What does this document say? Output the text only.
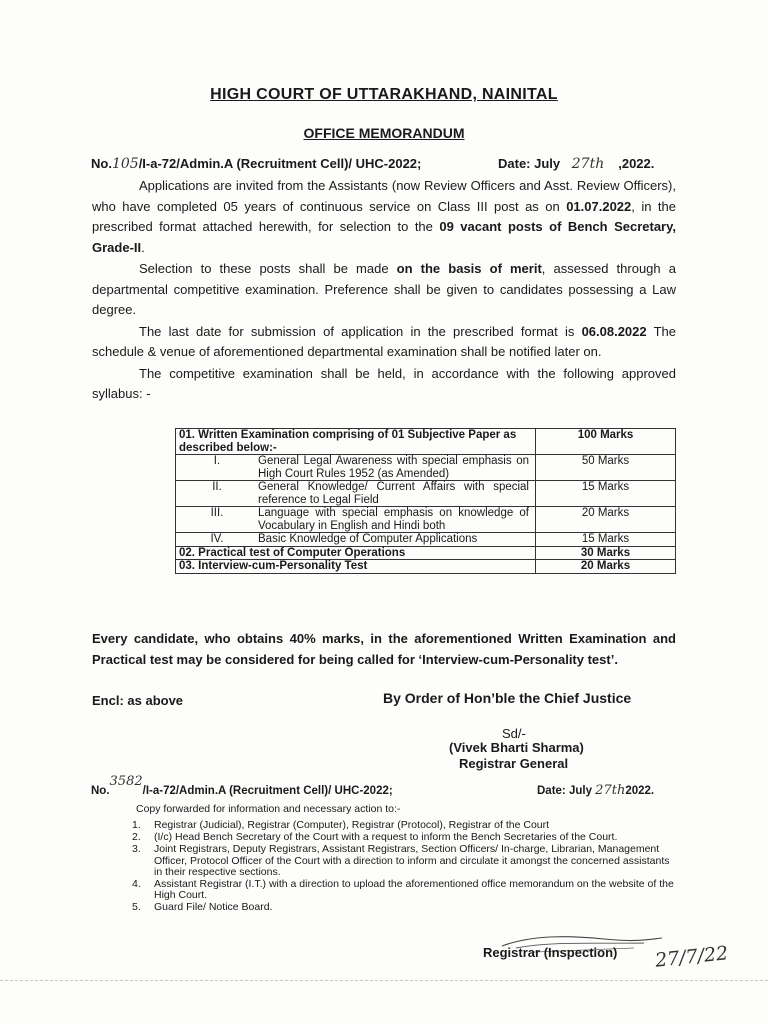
HIGH COURT OF UTTARAKHAND, NAINITAL
OFFICE MEMORANDUM
No.105/I-a-72/Admin.A (Recruitment Cell)/ UHC-2022;	Date: July 27th ,2022.

Applications are invited from the Assistants (now Review Officers and Asst. Review Officers), who have completed 05 years of continuous service on Class III post as on 01.07.2022, in the prescribed format attached herewith, for selection to the 09 vacant posts of Bench Secretary, Grade-II.

Selection to these posts shall be made on the basis of merit, assessed through a departmental competitive examination. Preference shall be given to candidates possessing a Law degree.

The last date for submission of application in the prescribed format is 06.08.2022 The schedule & venue of aforementioned departmental examination shall be notified later on.

The competitive examination shall be held, in accordance with the following approved syllabus: -

01. Written Examination comprising of 01 Subjective Paper as described below:-	100 Marks

I. General Legal Awareness with special emphasis on High Court Rules 1952 (as Amended)	50 Marks

II. General Knowledge/ Current Affairs with special reference to Legal Field	15 Marks

III. Language with special emphasis on knowledge of Vocabulary in English and Hindi both	20 Marks

IV. Basic Knowledge of Computer Applications	15 Marks
02. Practical test of Computer Operations	30 Marks
03. Interview-cum-Personality Test	20 Marks
Every candidate, who obtains 40% marks, in the aforementioned Written Examination and Practical test may be considered for being called for ‘Interview-cum-Personality test’.
Encl: as above	By Order of Hon’ble the Chief Justice
Sd/-
(Vivek Bharti Sharma)
Registrar General
No.3582/I-a-72/Admin.A (Recruitment Cell)/ UHC-2022;	Date: July 27th2022.
Copy forwarded for information and necessary action to:-
1. Registrar (Judicial), Registrar (Computer), Registrar (Protocol), Registrar of the Court
2. (I/c) Head Bench Secretary of the Court with a request to inform the Bench Secretaries of the Court.
3. Joint Registrars, Deputy Registrars, Assistant Registrars, Section Officers/ In-charge, Librarian, Management Officer, Protocol Officer of the Court with a direction to inform and circulate it amongst the concerned assistants in their respective sections.
4. Assistant Registrar (I.T.) with a direction to upload the aforementioned office memorandum on the website of the High Court.
5. Guard File/ Notice Board.
Registrar (Inspection) 27/7/22
